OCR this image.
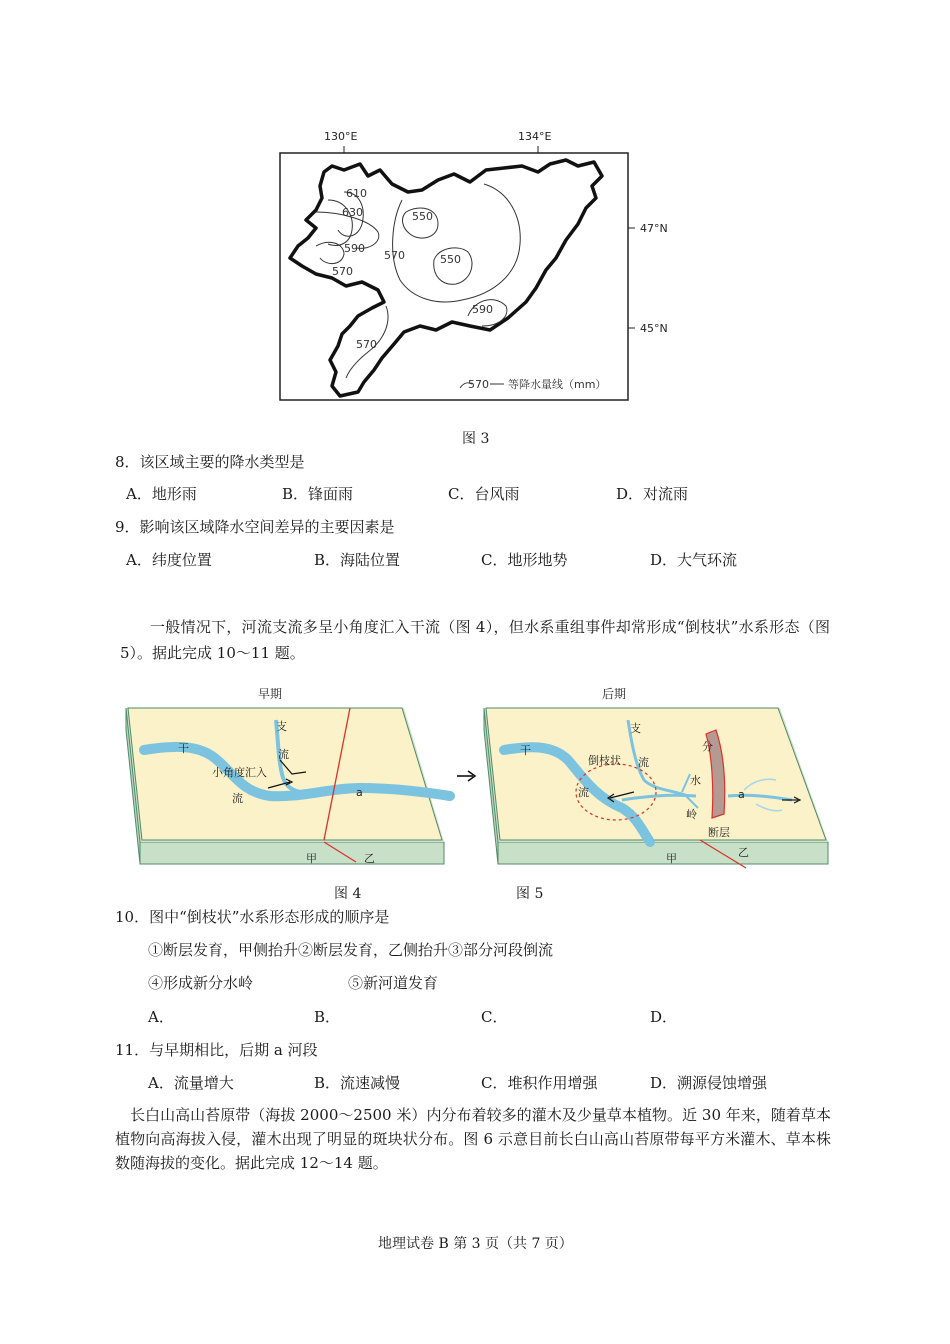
130°E	134°E
47°N
45°N
610
630
590
570
570
550
550
590
570
570 等降水量线（mm）
图 3
8．该区域主要的降水类型是
A．地形雨	B．锋面雨	C．台风雨	D．对流雨
9．影响该区域降水空间差异的主要因素是
A．纬度位置	B．海陆位置	C．地形地势	D．大气环流
一般情况下，河流支流多呈小角度汇入干流（图 4），但水系重组事件却常形成“倒枝状”水系形态（图 5）。据此完成 10～11 题。
早期
干
支
流
小角度汇入
流	a
甲	乙
后期
干
支
流
倒枝状
流
分
水
岭
a
断层
甲	乙
图 4	图 5
10．图中“倒枝状”水系形态形成的顺序是
①断层发育，甲侧抬升②断层发育，乙侧抬升③部分河段倒流
④形成新分水岭	⑤新河道发育
A．	B．	C．	D．
11．与早期相比，后期 a 河段
A．流量增大	B．流速减慢	C．堆积作用增强	D．溯源侵蚀增强
长白山高山苔原带（海拔 2000～2500 米）内分布着较多的灌木及少量草本植物。近 30 年来，随着草本植物向高海拔入侵，灌木出现了明显的斑块状分布。图 6 示意目前长白山高山苔原带每平方米灌木、草本株数随海拔的变化。据此完成 12～14 题。
地理试卷 B 第 3 页（共 7 页）
